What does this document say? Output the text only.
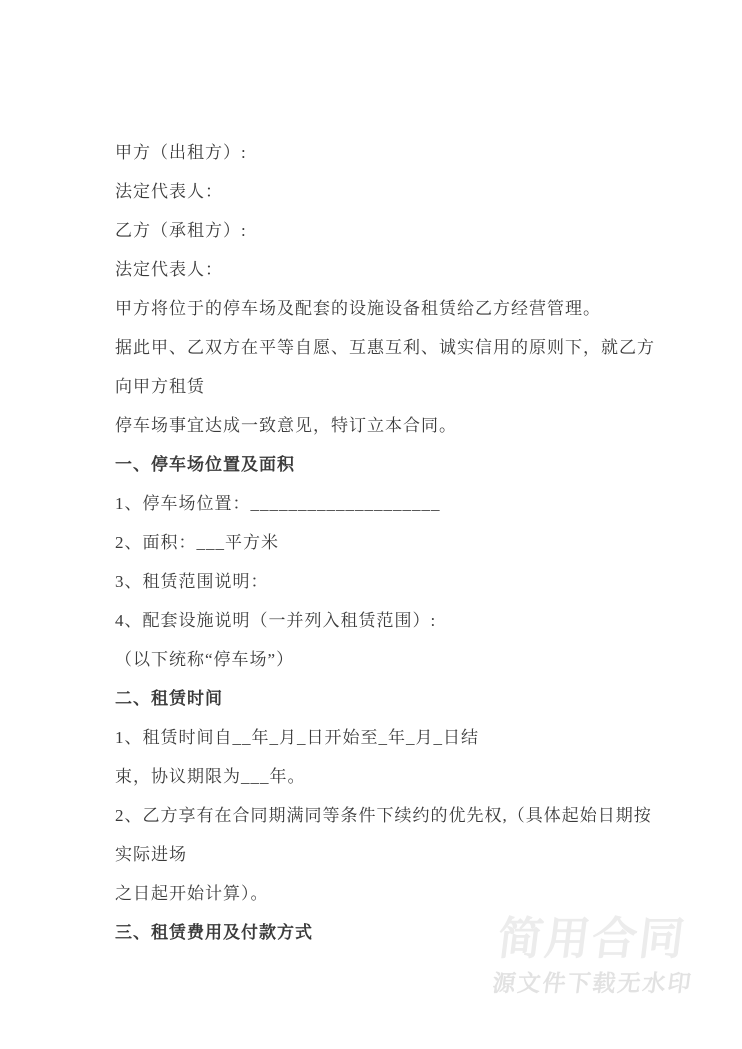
甲方（出租方）:
法定代表人：
乙方（承租方）:
法定代表人：
甲方将位于的停车场及配套的设施设备租赁给乙方经营管理。
据此甲、乙双方在平等自愿、互惠互利、诚实信用的原则下，就乙方
向甲方租赁
停车场事宜达成一致意见，特订立本合同。
一、停车场位置及面积
1、停车场位置：____________________
2、面积：___平方米
3、租赁范围说明：
4、配套设施说明（一并列入租赁范围）:
（以下统称“停车场”）
二、租赁时间
1、租赁时间自__年_月_日开始至_年_月_日结
束，协议期限为___年。
2、乙方享有在合同期满同等条件下续约的优先权,（具体起始日期按
实际进场
之日起开始计算）。
三、租赁费用及付款方式	简用合同
源文件下载无水印
